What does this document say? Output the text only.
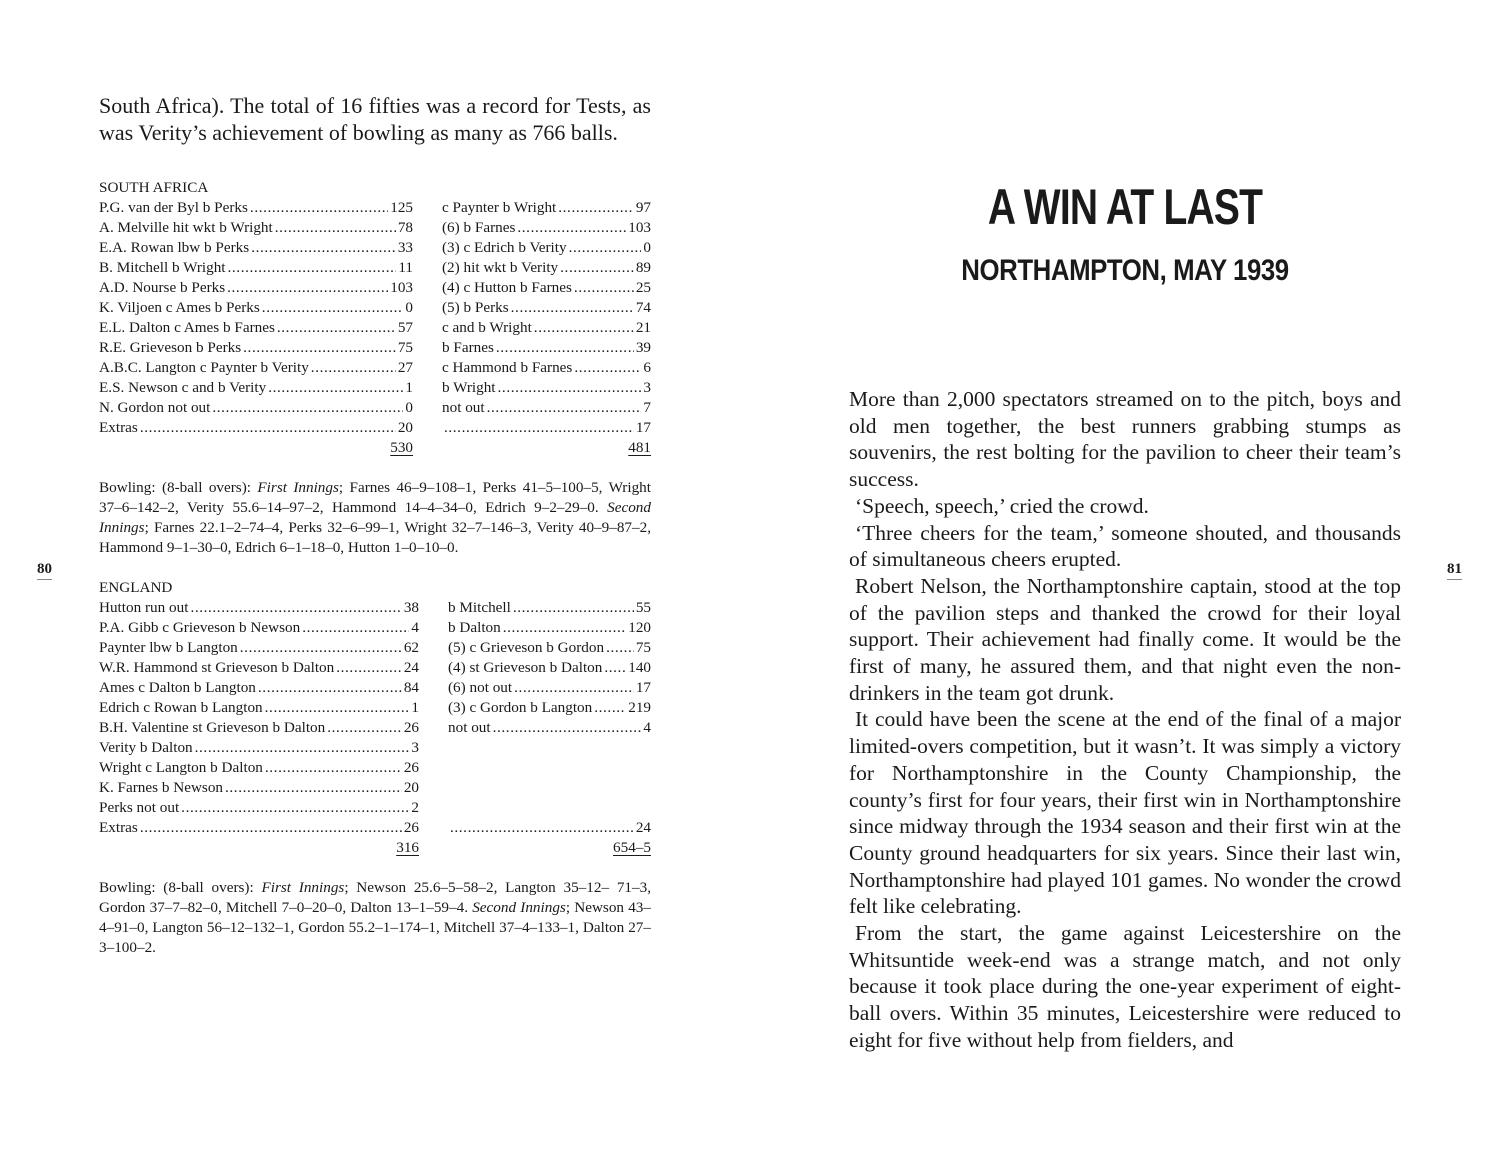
South Africa). The total of 16 fifties was a record for Tests, as was Verity’s achievement of bowling as many as 766 balls.
SOUTH AFRICA
P.G. van der Byl b Perks . . .	125 c Paynter b Wright . . .	97
A. Melville hit wkt b Wright . . .	78 (6) b Farnes . . .	103
E.A. Rowan lbw b Perks . . .	33 (3) c Edrich b Verity . . .	0
B. Mitchell b Wright . . .	11 (2) hit wkt b Verity . . .	89
A.D. Nourse b Perks . . .	103 (4) c Hutton b Farnes . . .	25
K. Viljoen c Ames b Perks . . .	0 (5) b Perks . . .	74
E.L. Dalton c Ames b Farnes . . .	57 c and b Wright . . .	21
R.E. Grieveson b Perks . . .	75 b Farnes . . .	39
A.B.C. Langton c Paynter b Verity . . .	27 c Hammond b Farnes . . .	6
E.S. Newson c and b Verity . . .	1 b Wright . . .	3
N. Gordon not out . . .	0 not out . . .	7
Extras . . .	20 . . .	17
530	481
Bowling: (8-ball overs): First Innings; Farnes 46–9–108–1, Perks 41–5–100–5, Wright 37–6–142–2, Verity 55.6–14–97–2, Hammond 14–4–34–0, Edrich 9–2–29–0. Second Innings; Farnes 22.1–2–74–4, Perks 32–6–99–1, Wright 32–7–146–3, Verity 40–9–87–2, Hammond 9–1–30–0, Edrich 6–1–18–0, Hutton 1–0–10–0.
80
ENGLAND
Hutton run out . . .	38 b Mitchell . . .	55
P.A. Gibb c Grieveson b Newson . . .	4 b Dalton . . .	120
Paynter lbw b Langton . . .	62 (5) c Grieveson b Gordon . . . 75
W.R. Hammond st Grieveson b Dalton . . .	24 (4) st Grieveson b Dalton . . . 140
Ames c Dalton b Langton . . .	84 (6) not out . . .	17
Edrich c Rowan b Langton . . .	1 (3) c Gordon b Langton . . . 219
B.H. Valentine st Grieveson b Dalton . . .	26 not out . . .	4
Verity b Dalton . . .	3
Wright c Langton b Dalton . . .	26
K. Farnes b Newson . . .	20
Perks not out . . .	2
Extras . . .	26 . . .	24
316	654–5
Bowling: (8-ball overs): First Innings; Newson 25.6–5–58–2, Langton 35–12– 71–3, Gordon 37–7–82–0, Mitchell 7–0–20–0, Dalton 13–1–59–4. Second Innings; Newson 43–4–91–0, Langton 56–12–132–1, Gordon 55.2–1–174–1, Mitchell 37–4–133–1, Dalton 27–3–100–2.
A WIN AT LAST
NORTHAMPTON, MAY 1939

More than 2,000 spectators streamed on to the pitch, boys and old men together, the best runners grabbing stumps as souvenirs, the rest bolting for the pavilion to cheer their team’s success.

‘Speech, speech,’ cried the crowd.

‘Three cheers for the team,’ someone shouted, and thousands of simultaneous cheers erupted.

Robert Nelson, the Northamptonshire captain, stood at the top of the pavilion steps and thanked the crowd for their loyal support. Their achievement had finally come. It would be the first of many, he assured them, and that night even the non-drinkers in the team got drunk.

It could have been the scene at the end of the final of a major limited-overs competition, but it wasn’t. It was simply a victory for Northamptonshire in the County Championship, the county’s first for four years, their first win in Northamptonshire since midway through the 1934 season and their first win at the County ground headquarters for six years. Since their last win, Northamptonshire had played 101 games. No wonder the crowd felt like celebrating.

From the start, the game against Leicestershire on the Whitsuntide week-end was a strange match, and not only because it took place during the one-year experiment of eight-ball overs. Within 35 minutes, Leicestershire were reduced to eight for five without help from fielders, and

81
